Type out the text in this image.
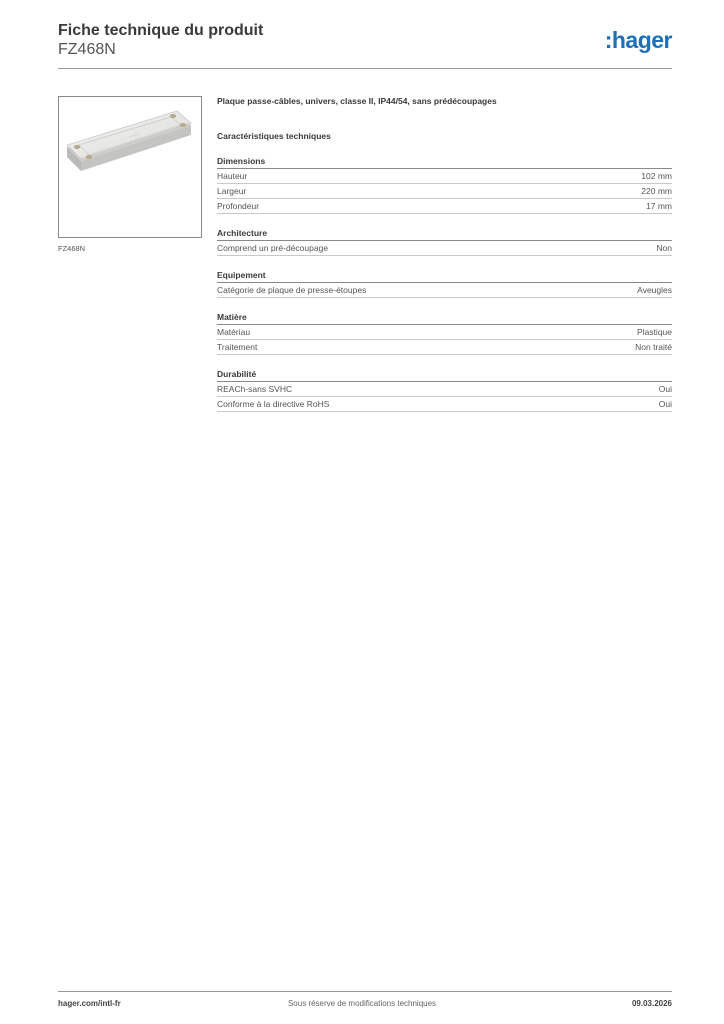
Fiche technique du produit
FZ468N	:hager
FZ468N

Plaque passe-câbles, univers, classe II, IP44/54, sans prédécoupages

Caractéristiques techniques
Dimensions
Hauteur	102 mm
Largeur	220 mm
Profondeur	17 mm
Architecture
Comprend un pré-découpage	Non
Equipement
Catégorie de plaque de presse-étoupes	Aveugles
Matière
Matériau	Plastique
Traitement	Non traité
Durabilité
REACh-sans SVHC	Oui
Conforme à la directive RoHS	Oui
hager.com/intl-fr	Sous réserve de modifications techniques	09.03.2026
